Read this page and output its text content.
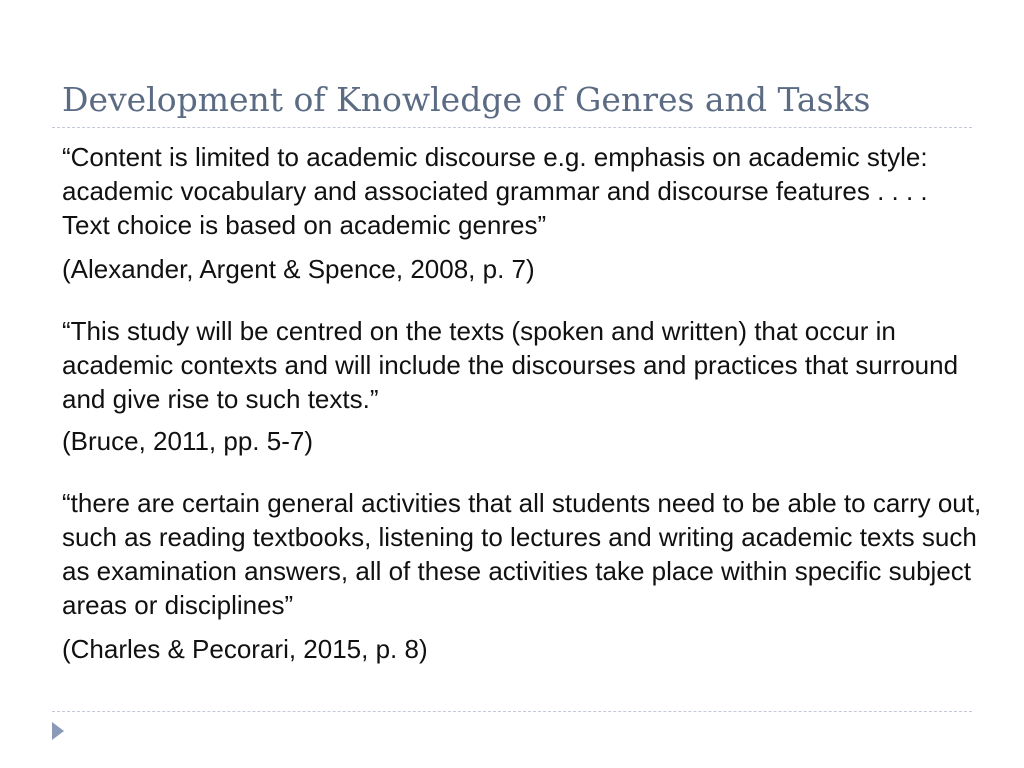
Development of Knowledge of Genres and Tasks

“Content is limited to academic discourse e.g. emphasis on academic style: academic vocabulary and associated grammar and discourse features . . . . Text choice is based on academic genres”

(Alexander, Argent & Spence, 2008, p. 7)

“This study will be centred on the texts (spoken and written) that occur in academic contexts and will include the discourses and practices that surround and give rise to such texts.”

(Bruce, 2011, pp. 5-7)

“there are certain general activities that all students need to be able to carry out, such as reading textbooks, listening to lectures and writing academic texts such as examination answers, all of these activities take place within specific subject areas or disciplines”

(Charles & Pecorari, 2015, p. 8)
